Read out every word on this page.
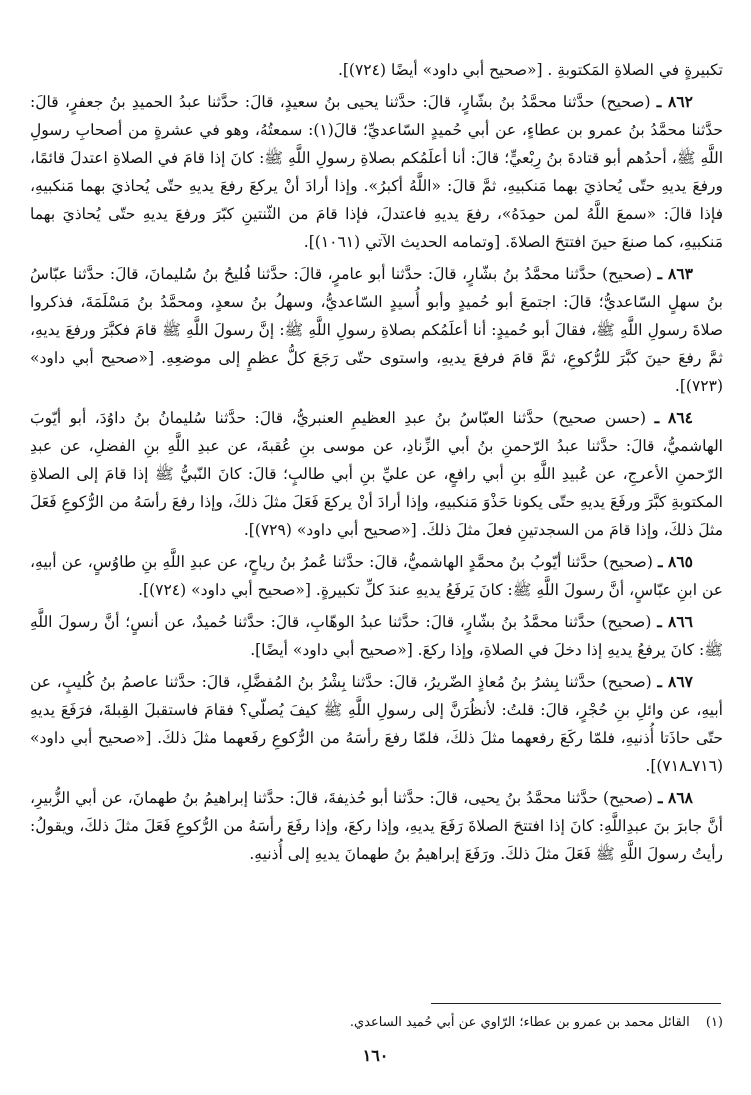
تكبيرةٍ في الصلاةِ المَكتوبةِ . [«صحيح أبي داود» أيضًا (٧٢٤)].

٨٦٢ ـ (صحيح) حدَّثنا محمَّدُ بنُ بشّارٍ، قالَ: حدَّثنا يحيى بنُ سعيدٍ، قالَ: حدَّثنا عبدُ الحميدِ بنُ جعفرٍ، قالَ: حدَّثنا محمَّدُ بنُ عمرو بن عطاءٍ، عن أبي حُميدٍ السّاعديِّ؛ قالَ(١): سمعتُهُ، وهو في عشرةٍ من أصحابِ رسولِ اللَّهِ ﷺ، أحدُهم أبو قتادةَ بنُ رِبْعيٍّ؛ قالَ: أنا أعلَمُكم بصلاةِ رسولِ اللَّهِ ﷺ: كانَ إذا قامَ في الصلاةِ اعتدلَ قائمًا، ورفعَ يديهِ حتّى يُحاذيَ بهما مَنكبيهِ، ثمَّ قالَ: «اللَّهُ أكبرُ». وإذا أرادَ أنْ يركعَ رفعَ يديهِ حتّى يُحاذيَ بهما مَنكبيهِ، فإذا قالَ: «سمعَ اللَّهُ لمن حمِدَهُ»، رفعَ يديهِ فاعتدلَ، فإذا قامَ من الثّنتينِ كبّرَ ورفعَ يديهِ حتّى يُحاذيَ بهما مَنكبيهِ، كما صنعَ حينَ افتتحَ الصلاةَ. [وتمامه الحديث الآتي (١٠٦١)].

٨٦٣ ـ (صحيح) حدَّثنا محمَّدُ بنُ بشّارٍ، قالَ: حدَّثنا أبو عامرٍ، قالَ: حدَّثنا فُليحُ بنُ سُليمانَ، قالَ: حدَّثنا عبّاسُ بنُ سهلٍ السّاعديُّ؛ قالَ: اجتمعَ أبو حُميدٍ وأبو أُسيدٍ السّاعديُّ، وسهلُ بنُ سعدٍ، ومحمَّدُ بنُ مَسْلَمَةَ، فذكروا صلاةَ رسولِ اللَّهِ ﷺ، فقالَ أبو حُميدٍ: أنا أعلَمُكم بصلاةِ رسولِ اللَّهِ ﷺ: إنَّ رسولَ اللَّهِ ﷺ قامَ فكبَّرَ ورفعَ يديهِ، ثمَّ رفعَ حينَ كبَّرَ للرُّكوعِ، ثمَّ قامَ فرفعَ يديهِ، واستوى حتّى رَجَعَ كلُّ عظمٍ إلى موضعِهِ. [«صحيح أبي داود» (٧٢٣)].

٨٦٤ ـ (حسن صحيح) حدَّثنا العبّاسُ بنُ عبدِ العظيمِ العنبريُّ، قالَ: حدَّثنا سُليمانُ بنُ داوُدَ، أبو أيّوبَ الهاشميُّ، قالَ: حدَّثنا عبدُ الرّحمنِ بنُ أبي الزِّنادِ، عن موسى بنِ عُقبةَ، عن عبدِ اللَّهِ بنِ الفضلِ، عن عبدِ الرّحمنِ الأعرجِ، عن عُبيدِ اللَّهِ بنِ أبي رافعٍ، عن عليِّ بنِ أبي طالبٍ؛ قالَ: كانَ النّبيُّ ﷺ إذا قامَ إلى الصلاةِ المكتوبةِ كبَّرَ ورفَعَ يديهِ حتّى يكونا حَذْوَ مَنكبيهِ، وإذا أرادَ أنْ يركعَ فَعَلَ مثلَ ذلكَ، وإذا رفعَ رأسَهُ من الرُّكوعِ فَعَلَ مثلَ ذلكَ، وإذا قامَ من السجدتينِ فعلَ مثلَ ذلكَ. [«صحيح أبي داود» (٧٢٩)].

٨٦٥ ـ (صحيح) حدَّثنا أيّوبُ بنُ محمَّدٍ الهاشميُّ، قالَ: حدَّثنا عُمرُ بنُ رياحٍ، عن عبدِ اللَّهِ بنِ طاوُسٍ، عن أبيهِ، عن ابنِ عبّاسٍ، أنَّ رسولَ اللَّهِ ﷺ: كانَ يَرفَعُ يديهِ عندَ كلِّ تكبيرةٍ. [«صحيح أبي داود» (٧٢٤)].

٨٦٦ ـ (صحيح) حدَّثنا محمَّدُ بنُ بشّارٍ، قالَ: حدَّثنا عبدُ الوهّابِ، قالَ: حدَّثنا حُميدٌ، عن أنسٍ؛ أنَّ رسولَ اللَّهِ ﷺ: كانَ يرفعُ يديهِ إذا دخلَ في الصلاةِ، وإذا ركعَ. [«صحيح أبي داود» أيضًا].

٨٦٧ ـ (صحيح) حدَّثنا بِشرُ بنُ مُعاذٍ الضّريرُ، قالَ: حدَّثنا بِشْرُ بنُ المُفضَّلِ، قالَ: حدَّثنا عاصمُ بنُ كُليبٍ، عن أبيهِ، عن وائلِ بنِ حُجْرٍ، قالَ: قلتُ: لأنظُرَنَّ إلى رسولِ اللَّهِ ﷺ كيفَ يُصلّي؟ فقامَ فاستقبلَ القِبلةَ، فرَفَعَ يديهِ حتّى حاذَتا أُذنيهِ، فلمّا ركَعَ رفعهما مثلَ ذلكَ، فلمّا رفعَ رأسَهُ من الرُّكوعِ رفَعهما مثلَ ذلكَ. [«صحيح أبي داود» (٧١٦ـ٧١٨)].

٨٦٨ ـ (صحيح) حدَّثنا محمَّدُ بنُ يحيى، قالَ: حدَّثنا أبو حُذيفةَ، قالَ: حدَّثنا إبراهيمُ بنُ طهمانَ، عن أبي الزُّبيرِ، أنَّ جابرَ بنَ عبدِاللَّهِ: كانَ إذا افتتحَ الصلاةَ رَفَعَ يديهِ، وإذا ركعَ، وإذا رفَعَ رأسَهُ من الرُّكوعِ فَعَلَ مثلَ ذلكَ، ويقولُ: رأيتُ رسولَ اللَّهِ ﷺ فَعَلَ مثلَ ذلكَ. ورَفَعَ إبراهيمُ بنُ طهمانَ يديهِ إلى أُذنيهِ.

(١) القائل محمد بن عمرو بن عطاء؛ الرّاوي عن أبي حُميد الساعدي.
١٦٠
